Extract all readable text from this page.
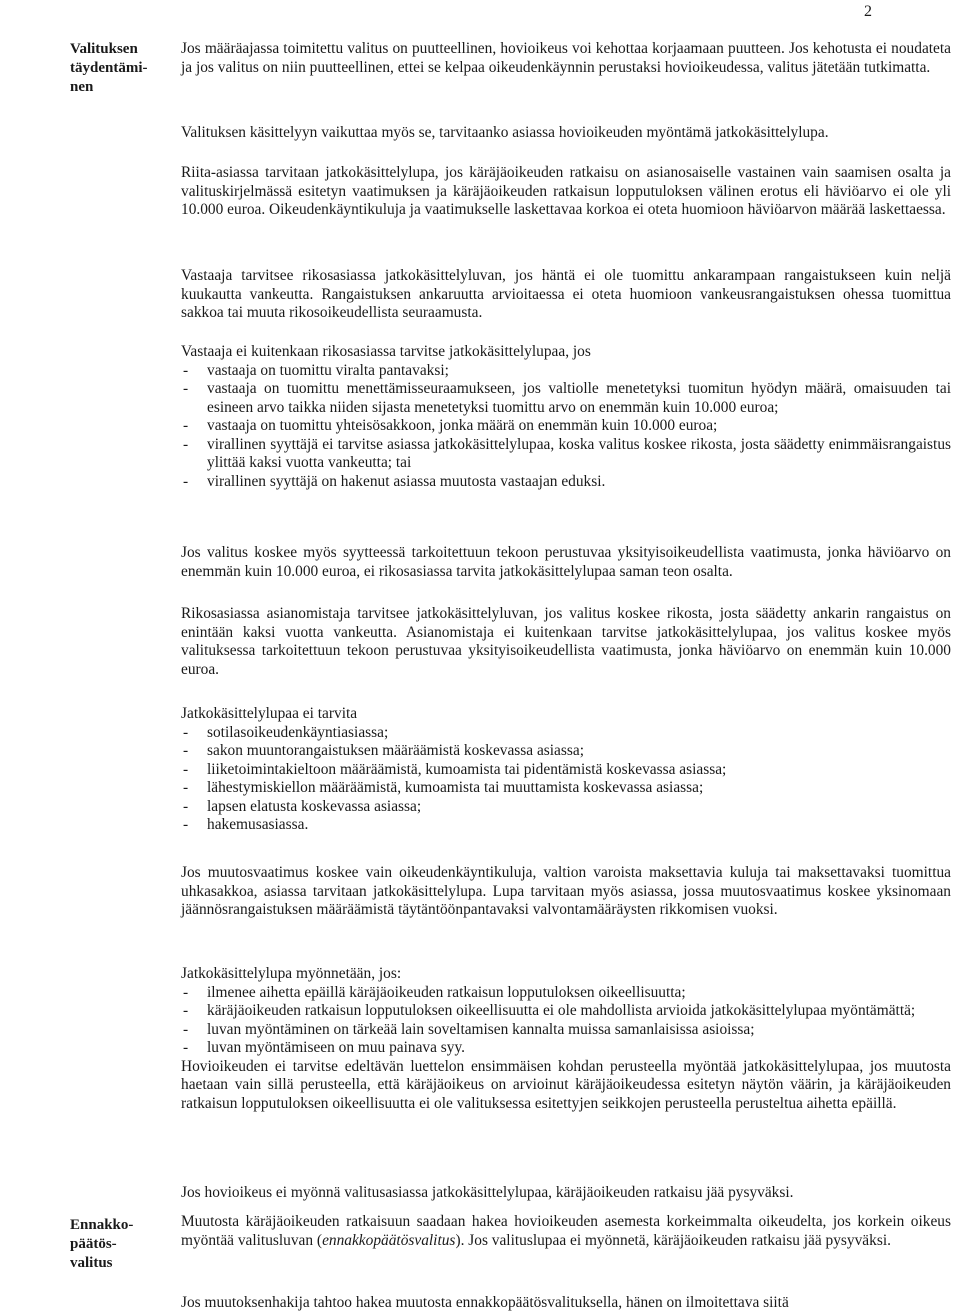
2
Valituksen
täydentämi-
nen
Ennakko-
päätös-
valitus

Jos määräajassa toimitettu valitus on puutteellinen, hovioikeus voi kehottaa korjaamaan puutteen. Jos kehotusta ei noudateta ja jos valitus on niin puutteellinen, ettei se kelpaa oikeudenkäynnin perustaksi hovioikeudessa, valitus jätetään tutkimatta.

Valituksen käsittelyyn vaikuttaa myös se, tarvitaanko asiassa hovioikeuden myöntämä jatkokäsittelylupa.

Riita-asiassa tarvitaan jatkokäsittelylupa, jos käräjäoikeuden ratkaisu on asianosaiselle vastainen vain saamisen osalta ja valituskirjelmässä esitetyn vaatimuksen ja käräjäoikeuden ratkaisun lopputuloksen välinen erotus eli häviöarvo ei ole yli 10.000 euroa. Oikeudenkäyntikuluja ja vaatimukselle laskettavaa korkoa ei oteta huomioon häviöarvon määrää laskettaessa.

Vastaaja tarvitsee rikosasiassa jatkokäsittelyluvan, jos häntä ei ole tuomittu ankarampaan rangaistukseen kuin neljä kuukautta vankeutta. Rangaistuksen ankaruutta arvioitaessa ei oteta huomioon vankeusrangaistuksen ohessa tuomittua sakkoa tai muuta rikosoikeudellista seuraamusta.

Vastaaja ei kuitenkaan rikosasiassa tarvitse jatkokäsittelylupaa, jos

- vastaaja on tuomittu viralta pantavaksi;
- vastaaja on tuomittu menettämisseuraamukseen, jos valtiolle menetetyksi tuomitun hyödyn määrä, omaisuuden tai esineen arvo taikka niiden sijasta menetetyksi tuomittu arvo on enemmän kuin 10.000 euroa;
- vastaaja on tuomittu yhteisösakkoon, jonka määrä on enemmän kuin 10.000 euroa;
- virallinen syyttäjä ei tarvitse asiassa jatkokäsittelylupaa, koska valitus koskee rikosta, josta säädetty enimmäisrangaistus ylittää kaksi vuotta vankeutta; tai
- virallinen syyttäjä on hakenut asiassa muutosta vastaajan eduksi.

Jos valitus koskee myös syytteessä tarkoitettuun tekoon perustuvaa yksityisoikeudellista vaatimusta, jonka häviöarvo on enemmän kuin 10.000 euroa, ei rikosasiassa tarvita jatkokäsittelylupaa saman teon osalta.

Rikosasiassa asianomistaja tarvitsee jatkokäsittelyluvan, jos valitus koskee rikosta, josta säädetty ankarin rangaistus on enintään kaksi vuotta vankeutta. Asianomistaja ei kuitenkaan tarvitse jatkokäsittelylupaa, jos valitus koskee myös valituksessa tarkoitettuun tekoon perustuvaa yksityisoikeudellista vaatimusta, jonka häviöarvo on enemmän kuin 10.000 euroa.

Jatkokäsittelylupaa ei tarvita

- sotilasoikeudenkäyntiasiassa;
- sakon muuntorangaistuksen määräämistä koskevassa asiassa;
- liiketoimintakieltoon määräämistä, kumoamista tai pidentämistä koskevassa asiassa;
- lähestymiskiellon määräämistä, kumoamista tai muuttamista koskevassa asiassa;
- lapsen elatusta koskevassa asiassa;
- hakemusasiassa.

Jos muutosvaatimus koskee vain oikeudenkäyntikuluja, valtion varoista maksettavia kuluja tai maksettavaksi tuomittua uhkasakkoa, asiassa tarvitaan jatkokäsittelylupa. Lupa tarvitaan myös asiassa, jossa muutosvaatimus koskee yksinomaan jäännösrangaistuksen määräämistä täytäntöönpantavaksi valvontamääräysten rikkomisen vuoksi.

Jatkokäsittelylupa myönnetään, jos:

- ilmenee aihetta epäillä käräjäoikeuden ratkaisun lopputuloksen oikeellisuutta;
- käräjäoikeuden ratkaisun lopputuloksen oikeellisuutta ei ole mahdollista arvioida jatkokäsittelylupaa myöntämättä;
- luvan myöntäminen on tärkeää lain soveltamisen kannalta muissa samanlaisissa asioissa;
- luvan myöntämiseen on muu painava syy.

Hovioikeuden ei tarvitse edeltävän luettelon ensimmäisen kohdan perusteella myöntää jatkokäsittelylupaa, jos muutosta haetaan vain sillä perusteella, että käräjäoikeus on arvioinut käräjäoikeudessa esitetyn näytön väärin, ja käräjäoikeuden ratkaisun lopputuloksen oikeellisuutta ei ole valituksessa esitettyjen seikkojen perusteella perusteltua aihetta epäillä.

Jos hovioikeus ei myönnä valitusasiassa jatkokäsittelylupaa, käräjäoikeuden ratkaisu jää pysyväksi.

Muutosta käräjäoikeuden ratkaisuun saadaan hakea hovioikeuden asemesta korkeimmalta oikeudelta, jos korkein oikeus myöntää valitusluvan (ennakkopäätösvalitus). Jos valituslupaa ei myönnetä, käräjäoikeuden ratkaisu jää pysyväksi.

Jos muutoksenhakija tahtoo hakea muutosta ennakkopäätösvalituksella, hänen on ilmoitettava siitä
